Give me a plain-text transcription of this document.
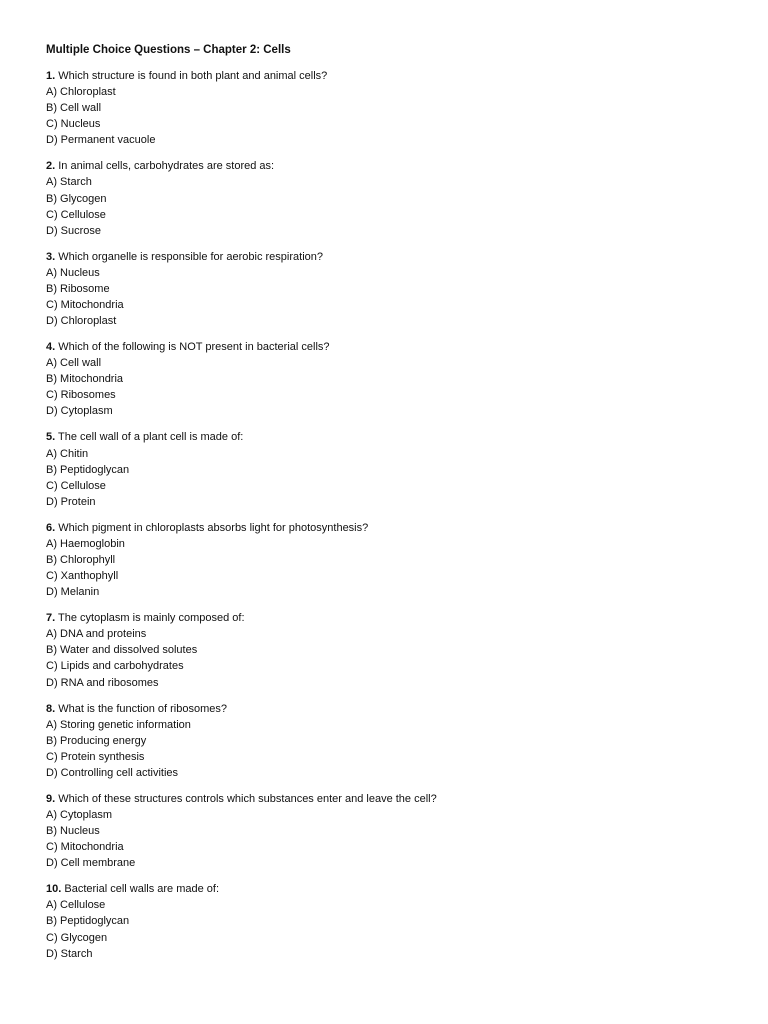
Multiple Choice Questions – Chapter 2: Cells
1. Which structure is found in both plant and animal cells?
A) Chloroplast
B) Cell wall
C) Nucleus
D) Permanent vacuole
2. In animal cells, carbohydrates are stored as:
A) Starch
B) Glycogen
C) Cellulose
D) Sucrose
3. Which organelle is responsible for aerobic respiration?
A) Nucleus
B) Ribosome
C) Mitochondria
D) Chloroplast
4. Which of the following is NOT present in bacterial cells?
A) Cell wall
B) Mitochondria
C) Ribosomes
D) Cytoplasm
5. The cell wall of a plant cell is made of:
A) Chitin
B) Peptidoglycan
C) Cellulose
D) Protein
6. Which pigment in chloroplasts absorbs light for photosynthesis?
A) Haemoglobin
B) Chlorophyll
C) Xanthophyll
D) Melanin
7. The cytoplasm is mainly composed of:
A) DNA and proteins
B) Water and dissolved solutes
C) Lipids and carbohydrates
D) RNA and ribosomes
8. What is the function of ribosomes?
A) Storing genetic information
B) Producing energy
C) Protein synthesis
D) Controlling cell activities
9. Which of these structures controls which substances enter and leave the cell?
A) Cytoplasm
B) Nucleus
C) Mitochondria
D) Cell membrane
10. Bacterial cell walls are made of:
A) Cellulose
B) Peptidoglycan
C) Glycogen
D) Starch
